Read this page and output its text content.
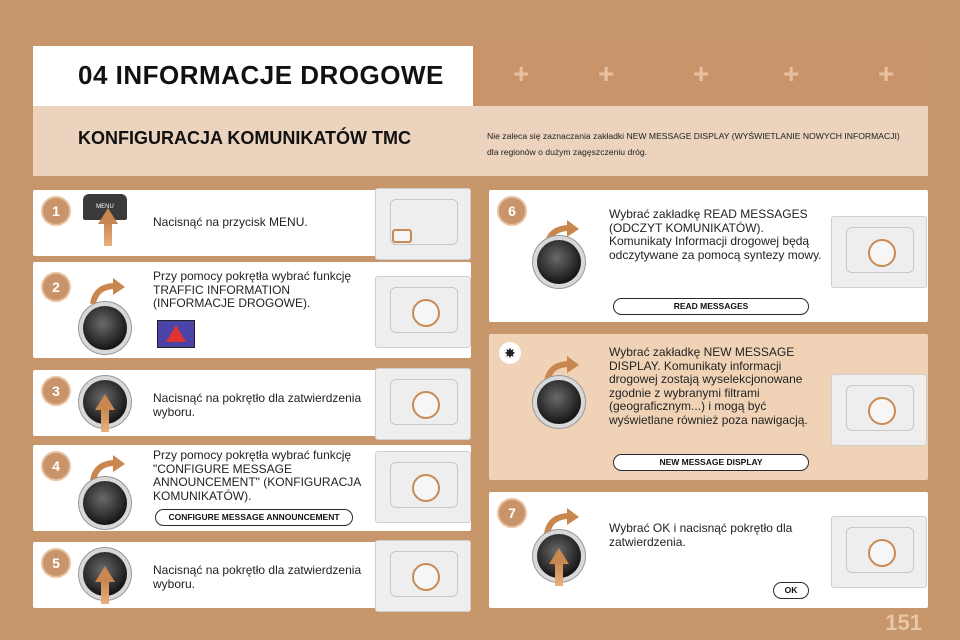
+ +	+	+	+
04 INFORMACJE DROGOWE
KONFIGURACJA KOMUNIKATÓW TMC	Nie zaleca się zaznaczania zakładki NEW MESSAGE DISPLAY (WYŚWIETLANIE NOWYCH INFORMACJI) dla regionów o dużym zagęszczeniu dróg.
1	MENU
Nacisnąć na przycisk MENU.
2
Przy pomocy pokrętła wybrać funkcję TRAFFIC INFORMATION (INFORMACJE DROGOWE).
3	Nacisnąć na pokrętło dla zatwierdzenia wyboru.
4
Przy pomocy pokrętła wybrać funkcję "CONFIGURE MESSAGE ANNOUNCEMENT" (KONFIGURACJA KOMUNIKATÓW).
CONFIGURE MESSAGE ANNOUNCEMENT
5	Nacisnąć na pokrętło dla zatwierdzenia wyboru.
6	Wybrać zakładkę READ MESSAGES (ODCZYT KOMUNIKATÓW). Komunikaty Informacji drogowej będą odczytywane za pomocą syntezy mowy.
READ MESSAGES
✸	Wybrać zakładkę NEW MESSAGE DISPLAY. Komunikaty informacji drogowej zostają wyselekcjonowane zgodnie z wybranymi filtrami (geograficznym...) i mogą być wyświetlane również poza nawigacją.
NEW MESSAGE DISPLAY
7
Wybrać OK i nacisnąć pokrętło dla zatwierdzenia.
OK
151
